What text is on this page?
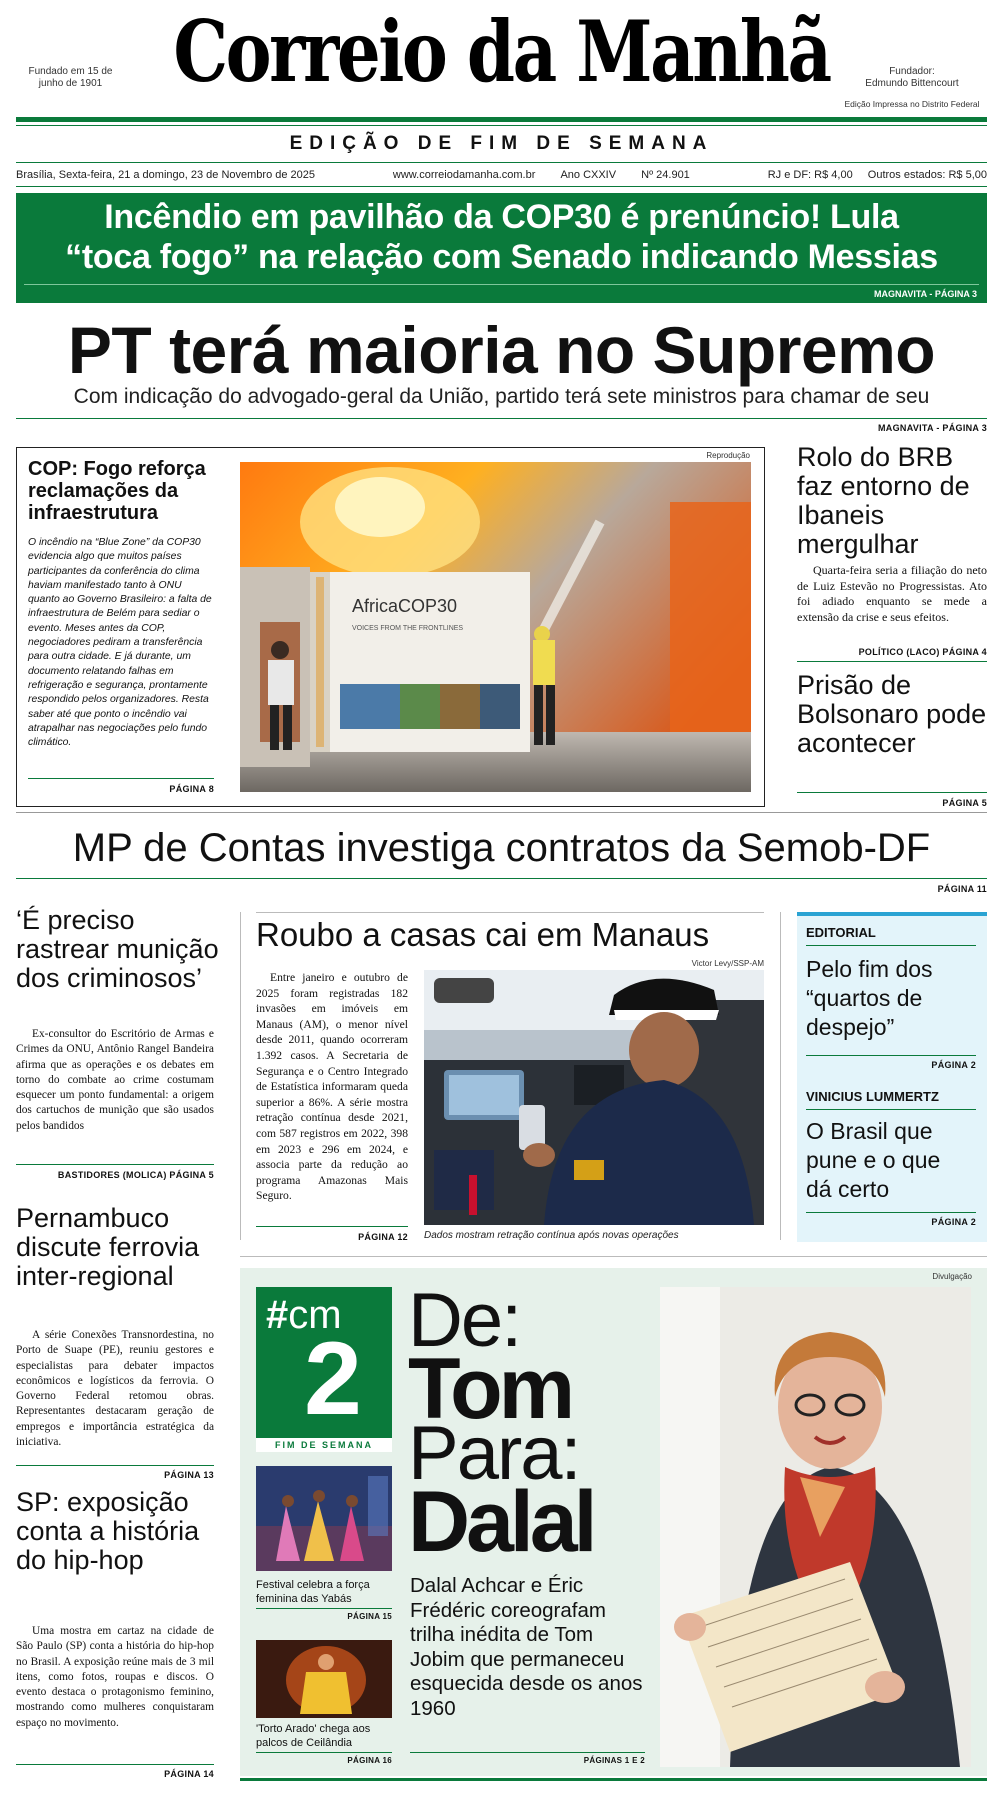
Correio da Manhã
Fundado em 15 de junho de 1901
Fundador:
Edmundo Bittencourt
Edição Impressa no Distrito Federal
EDIÇÃO DE FIM DE SEMANA
Brasília, Sexta-feira, 21 a domingo, 23 de Novembro de 2025	www.correiodamanha.com.br Ano CXXIV Nº 24.901	RJ e DF: R$ 4,00 Outros estados: R$ 5,00
Incêndio em pavilhão da COP30 é prenúncio! Lula
“toca fogo” na relação com Senado indicando Messias
MAGNAVITA - PÁGINA 3
PT terá maioria no Supremo
Com indicação do advogado-geral da União, partido terá sete ministros para chamar de seu
MAGNAVITA - PÁGINA 3
COP: Fogo reforça reclamações da infraestrutura
O incêndio na “Blue Zone” da COP30 evidencia algo que muitos países participantes da conferência do clima haviam manifestado tanto à ONU quanto ao Governo Brasileiro: a falta de infraestrutura de Belém para sediar o evento. Meses antes da COP, negociadores pediram a transferência para outra cidade. E já durante, um documento relatando falhas em refrigeração e segurança, prontamente respondido pelos organizadores. Resta saber até que ponto o incêndio vai atrapalhar nas negociações pelo fundo climático.
PÁGINA 8
Reprodução
AfricaCOP30
VOICES FROM THE FRONTLINES
Rolo do BRB faz entorno de Ibaneis mergulhar
Quarta-feira seria a filiação do neto de Luiz Estevão no Progressistas. Ato foi adiado enquanto se mede a extensão da crise e seus efeitos.
POLÍTICO (LACO) PÁGINA 4
Prisão de Bolsonaro pode acontecer
PÁGINA 5
MP de Contas investiga contratos da Semob-DF
PÁGINA 11
‘É preciso rastrear munição dos criminosos’
Ex-consultor do Escritório de Armas e Crimes da ONU, Antônio Rangel Bandeira afirma que as operações e os debates em torno do combate ao crime costumam esquecer um ponto fundamental: a origem dos cartuchos de munição que são usados pelos bandidos
BASTIDORES (MOLICA) PÁGINA 5
Roubo a casas cai em Manaus
Entre janeiro e outubro de 2025 foram registradas 182 invasões em imóveis em Manaus (AM), o menor nível desde 2011, quando ocorreram 1.392 casos. A Secretaria de Segurança e o Centro Integrado de Estatística informaram queda superior a 86%. A série mostra retração contínua desde 2021, com 587 registros em 2022, 398 em 2023 e 296 em 2024, e associa parte da redução ao programa Amazonas Mais Seguro.
Victor Levy/SSP-AM
PÁGINA 12 Dados mostram retração contínua após novas operações
EDITORIAL
Pelo fim dos “quartos de despejo”
PÁGINA 2
VINICIUS LUMMERTZ
O Brasil que pune e o que dá certo
PÁGINA 2
Pernambuco discute ferrovia inter-regional
A série Conexões Transnordestina, no Porto de Suape (PE), reuniu gestores e especialistas para debater impactos econômicos e logísticos da ferrovia. O Governo Federal retomou obras. Representantes destacaram geração de empregos e importância estratégica da iniciativa.
PÁGINA 13
SP: exposição conta a história do hip-hop
Uma mostra em cartaz na cidade de São Paulo (SP) conta a história do hip-hop no Brasil. A exposição reúne mais de 3 mil itens, como fotos, roupas e discos. O evento destaca o protagonismo feminino, mostrando como mulheres conquistaram espaço no movimento.
PÁGINA 14
Divulgação
#cm
2
FIM DE SEMANA
Festival celebra a força feminina das Yabás
PÁGINA 15
'Torto Arado' chega aos palcos de Ceilândia
PÁGINA 16
De:
Tom
Para:
Dalal
Dalal Achcar e Éric Frédéric coreografam trilha inédita de Tom Jobim que permaneceu esquecida desde os anos 1960
PÁGINAS 1 E 2
